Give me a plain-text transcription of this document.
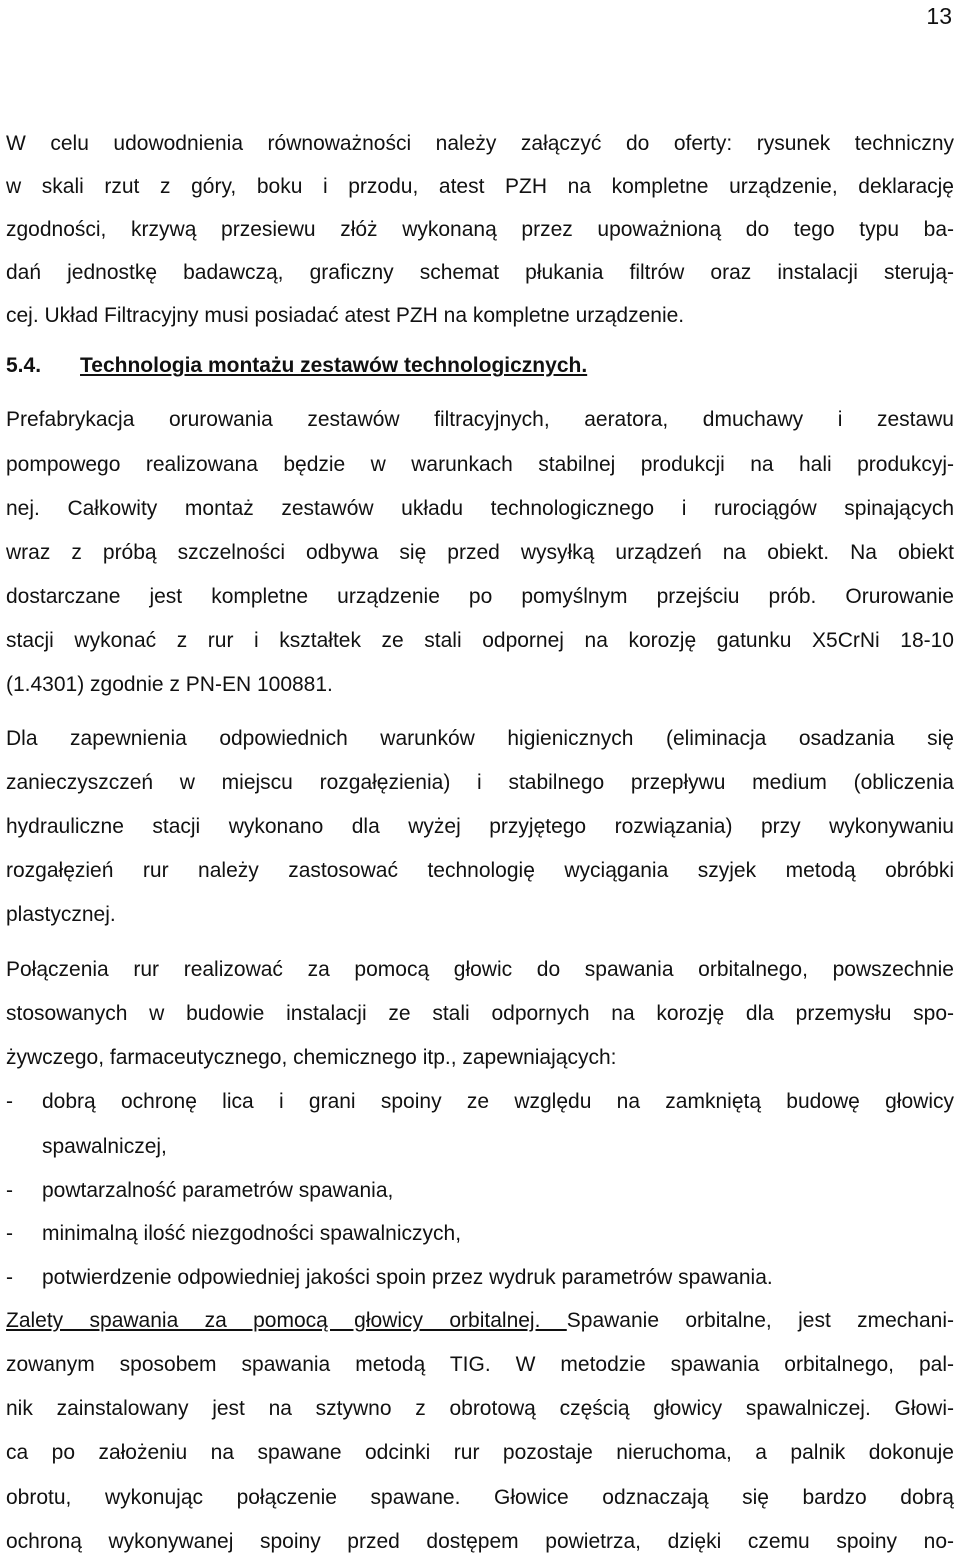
13
W celu udowodnienia równoważności należy załączyć do oferty: rysunek techniczny
w skali rzut z góry, boku i przodu, atest PZH na kompletne urządzenie, deklarację
zgodności, krzywą przesiewu złóż wykonaną przez upoważnioną do tego typu ba-
dań jednostkę badawczą, graficzny schemat płukania filtrów oraz instalacji sterują-
cej. Układ Filtracyjny musi posiadać atest PZH na kompletne urządzenie.
5.4. Technologia montażu zestawów technologicznych.
Prefabrykacja orurowania zestawów filtracyjnych, aeratora, dmuchawy i zestawu
pompowego realizowana będzie w warunkach stabilnej produkcji na hali produkcyj-
nej. Całkowity montaż zestawów układu technologicznego i rurociągów spinających
wraz z próbą szczelności odbywa się przed wysyłką urządzeń na obiekt. Na obiekt
dostarczane jest kompletne urządzenie po pomyślnym przejściu prób. Orurowanie
stacji wykonać z rur i kształtek ze stali odpornej na korozję gatunku X5CrNi 18-10
(1.4301) zgodnie z PN-EN 100881.
Dla zapewnienia odpowiednich warunków higienicznych (eliminacja osadzania się
zanieczyszczeń w miejscu rozgałęzienia) i stabilnego przepływu medium (obliczenia
hydrauliczne stacji wykonano dla wyżej przyjętego rozwiązania) przy wykonywaniu
rozgałęzień rur należy zastosować technologię wyciągania szyjek metodą obróbki
plastycznej.
Połączenia rur realizować za pomocą głowic do spawania orbitalnego, powszechnie
stosowanych w budowie instalacji ze stali odpornych na korozję dla przemysłu spo-
żywczego, farmaceutycznego, chemicznego itp., zapewniających:
- dobrą ochronę lica i grani spoiny ze względu na zamkniętą budowę głowicy
spawalniczej,
- powtarzalność parametrów spawania,
- minimalną ilość niezgodności spawalniczych,
- potwierdzenie odpowiedniej jakości spoin przez wydruk parametrów spawania.
Zalety spawania za pomocą głowicy orbitalnej. Spawanie orbitalne, jest zmechani-
zowanym sposobem spawania metodą TIG. W metodzie spawania orbitalnego, pal-
nik zainstalowany jest na sztywno z obrotową częścią głowicy spawalniczej. Głowi-
ca po założeniu na spawane odcinki rur pozostaje nieruchoma, a palnik dokonuje
obrotu, wykonując połączenie spawane. Głowice odznaczają się bardzo dobrą
ochroną wykonywanej spoiny przed dostępem powietrza, dzięki czemu spoiny no-
